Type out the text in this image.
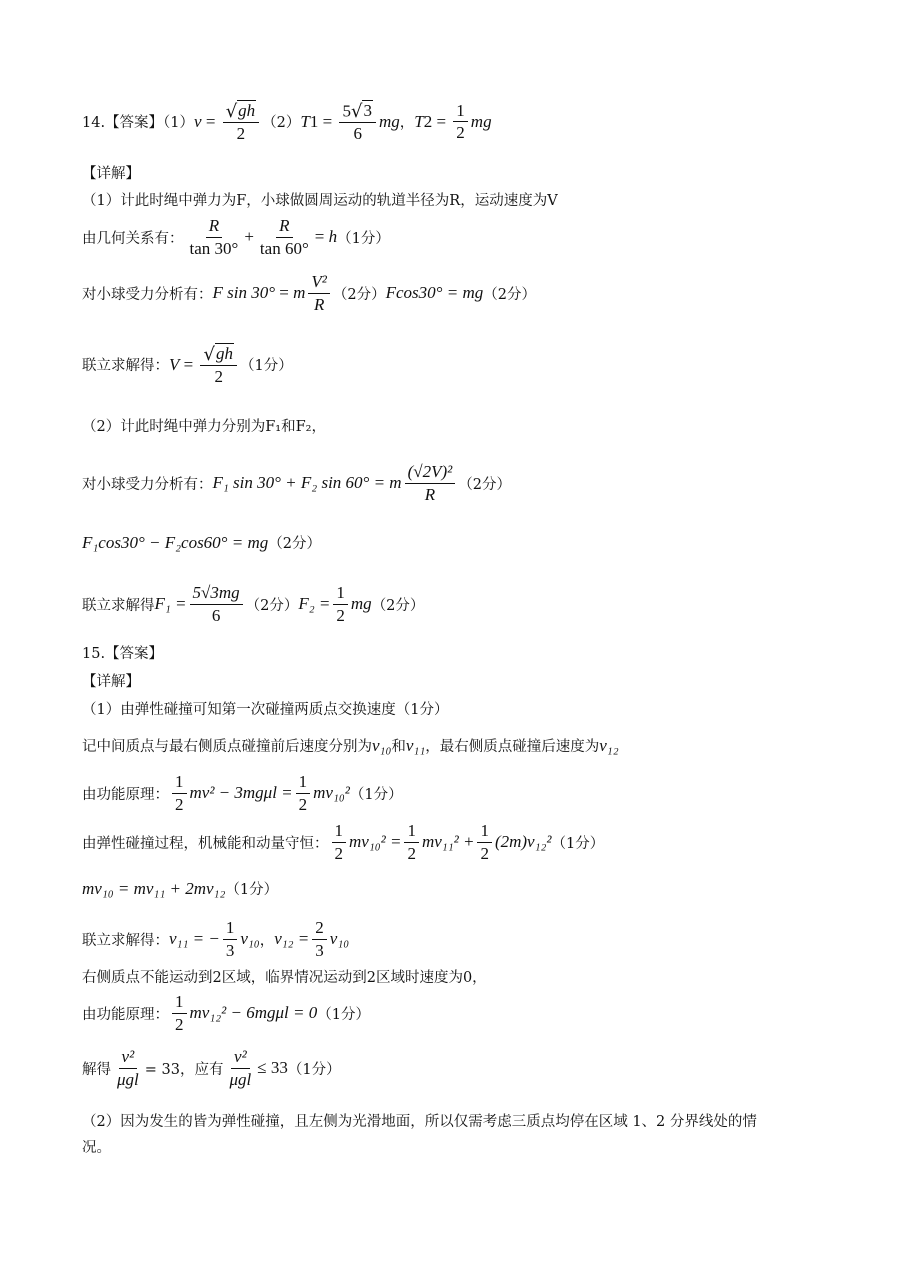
14.【答案】（1） $v = \frac{√ gh}{2} (2)$ T $1 = \frac{5 √ 3}{6}$ mg ， T $2 = \frac{1}{2}$ mg
【详解】
（1）计此时绳中弹力为F，小球做圆周运动的轨道半径为R，运动速度为V
由几何关系有： $\frac{R}{\tan 30^\circ} + \frac{R}{\tan 60^\circ} = h$ （1分）
对小球受力分析有： F sin 30° = m $\frac{\text{V²}}{R} (2$分） Fcos30° = mg （2分）
联立求解得： $V = \frac{√ gh}{2} (1$分）
（2）计此时绳中弹力分别为F₁和F₂，
对小球受力分析有： F₁ sin 30° + F₂ sin 60° = m $\frac{\text{(√2V)²}}{R} (2$分）
F₁cos30° − F₂cos60° = mg （2分）
联立求解得 $F_1 = \frac{5√3mg}{6} (2$分） $F_2 = \frac{1}{2}$ mg （2分）
15.【答案】
【详解】
（1）由弹性碰撞可知第一次碰撞两质点交换速度（1分）
记中间质点与最右侧质点碰撞前后速度分别为 v₁₀ 和 v₁₁ ，最右侧质点碰撞后速度为 v₁₂
由功能原理： $\frac{1}{2} mv^2 - 3mg\mu l = \frac{1}{2} mv_{10}^2$ （1分）
由弹性碰撞过程，机械能和动量守恒： $\frac{1}{2} mv_{10}^2 = \frac{1}{2} mv_{11}^2 + \frac{1}{2} (2m)v_{12}^2$ （1分）
mv₁₀ = mv₁₁ + 2mv₁₂ （1分）
联立求解得： v₁₁ = − $\frac{1}{3} v_{10}$ ， $v_{12} = \frac{2}{3} v_{10}$
右侧质点不能运动到2区域，临界情况运动到2区域时速度为0，
由功能原理： $\frac{1}{2} mv_{12}^2 - 6mg\mu l = 0$ （1分）
解得 $\frac{\text{v²}}{\text{μgl}} = 33$，应有 $\frac{\text{v²}}{\text{μgl}} \le 33$ （1分）
（2）因为发生的皆为弹性碰撞，且左侧为光滑地面，所以仅需考虑三质点均停在区域 1、2 分界线处的情
况。
